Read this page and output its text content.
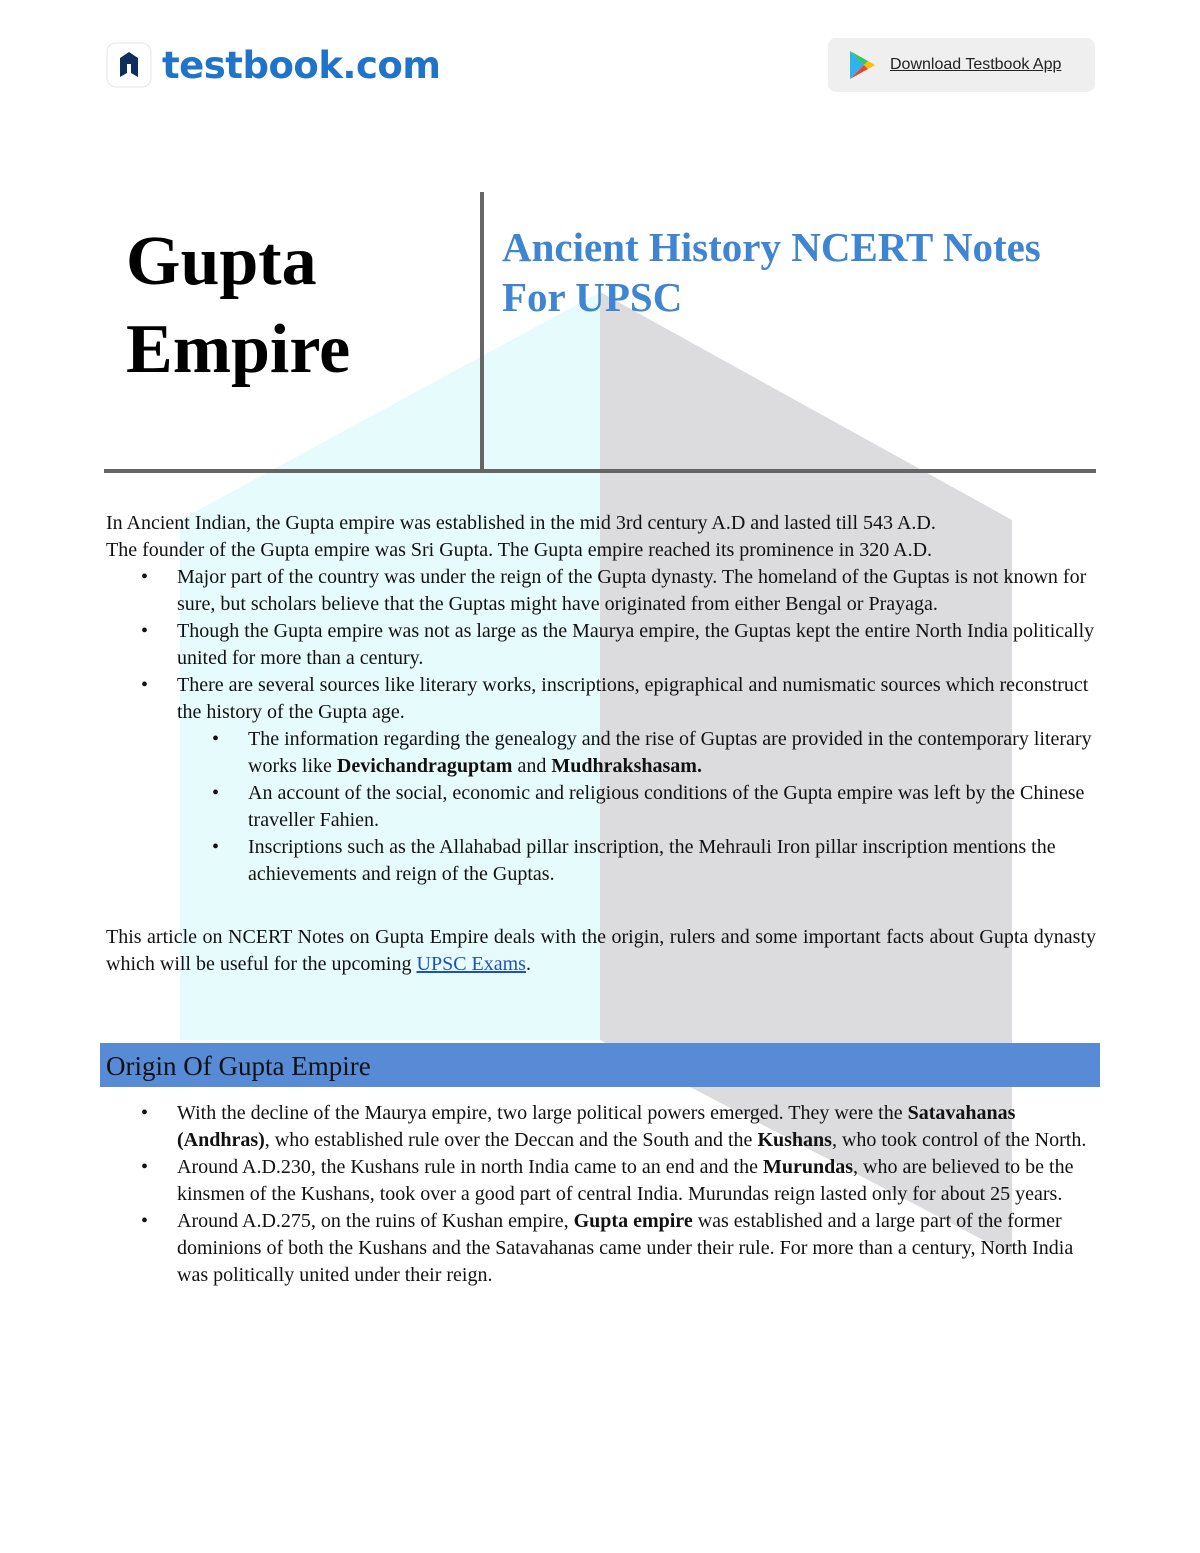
testbook.com	Download Testbook App
Gupta
Empire
Ancient History NCERT Notes
For UPSC

In Ancient Indian, the Gupta empire was established in the mid 3rd century A.D and lasted till 543 A.D.

The founder of the Gupta empire was Sri Gupta. The Gupta empire reached its prominence in 320 A.D.

• Major part of the country was under the reign of the Gupta dynasty. The homeland of the Guptas is not known for sure, but scholars believe that the Guptas might have originated from either Bengal or Prayaga.
• Though the Gupta empire was not as large as the Maurya empire, the Guptas kept the entire North India politically united for more than a century.
• There are several sources like literary works, inscriptions, epigraphical and numismatic sources which reconstruct the history of the Gupta age.
• The information regarding the genealogy and the rise of Guptas are provided in the contemporary literary works like Devichandraguptam and Mudhrakshasam.
• An account of the social, economic and religious conditions of the Gupta empire was left by the Chinese traveller Fahien.
• Inscriptions such as the Allahabad pillar inscription, the Mehrauli Iron pillar inscription mentions the achievements and reign of the Guptas.

This article on NCERT Notes on Gupta Empire deals with the origin, rulers and some important facts about Gupta dynasty which will be useful for the upcoming UPSC Exams.

Origin Of Gupta Empire
• With the decline of the Maurya empire, two large political powers emerged. They were the Satavahanas (Andhras), who established rule over the Deccan and the South and the Kushans, who took control of the North.
• Around A.D.230, the Kushans rule in north India came to an end and the Murundas, who are believed to be the kinsmen of the Kushans, took over a good part of central India. Murundas reign lasted only for about 25 years.
• Around A.D.275, on the ruins of Kushan empire, Gupta empire was established and a large part of the former dominions of both the Kushans and the Satavahanas came under their rule. For more than a century, North India was politically united under their reign.
